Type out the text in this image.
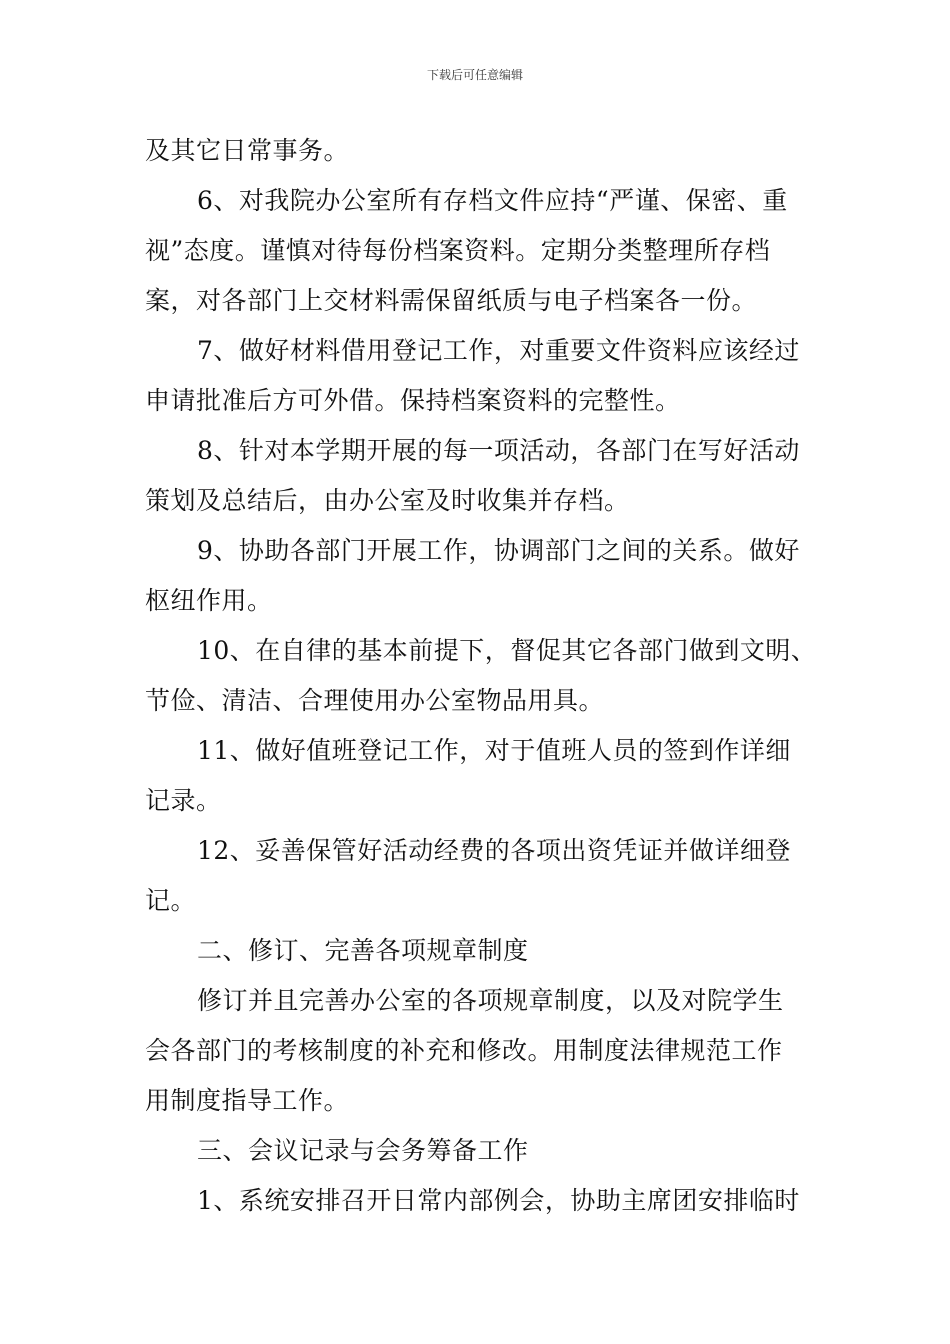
下载后可任意编辑
及其它日常事务。
6、对我院办公室所有存档文件应持“严谨、保密、重
视”态度。谨慎对待每份档案资料。定期分类整理所存档
案，对各部门上交材料需保留纸质与电子档案各一份。
7、做好材料借用登记工作，对重要文件资料应该经过
申请批准后方可外借。保持档案资料的完整性。
8、针对本学期开展的每一项活动，各部门在写好活动
策划及总结后，由办公室及时收集并存档。
9、协助各部门开展工作，协调部门之间的关系。做好
枢纽作用。
10、在自律的基本前提下，督促其它各部门做到文明、
节俭、清洁、合理使用办公室物品用具。
11、做好值班登记工作，对于值班人员的签到作详细
记录。
12、妥善保管好活动经费的各项出资凭证并做详细登
记。
二、修订、完善各项规章制度
修订并且完善办公室的各项规章制度，以及对院学生
会各部门的考核制度的补充和修改。用制度法律规范工作
用制度指导工作。
三、会议记录与会务筹备工作
1、系统安排召开日常内部例会，协助主席团安排临时
